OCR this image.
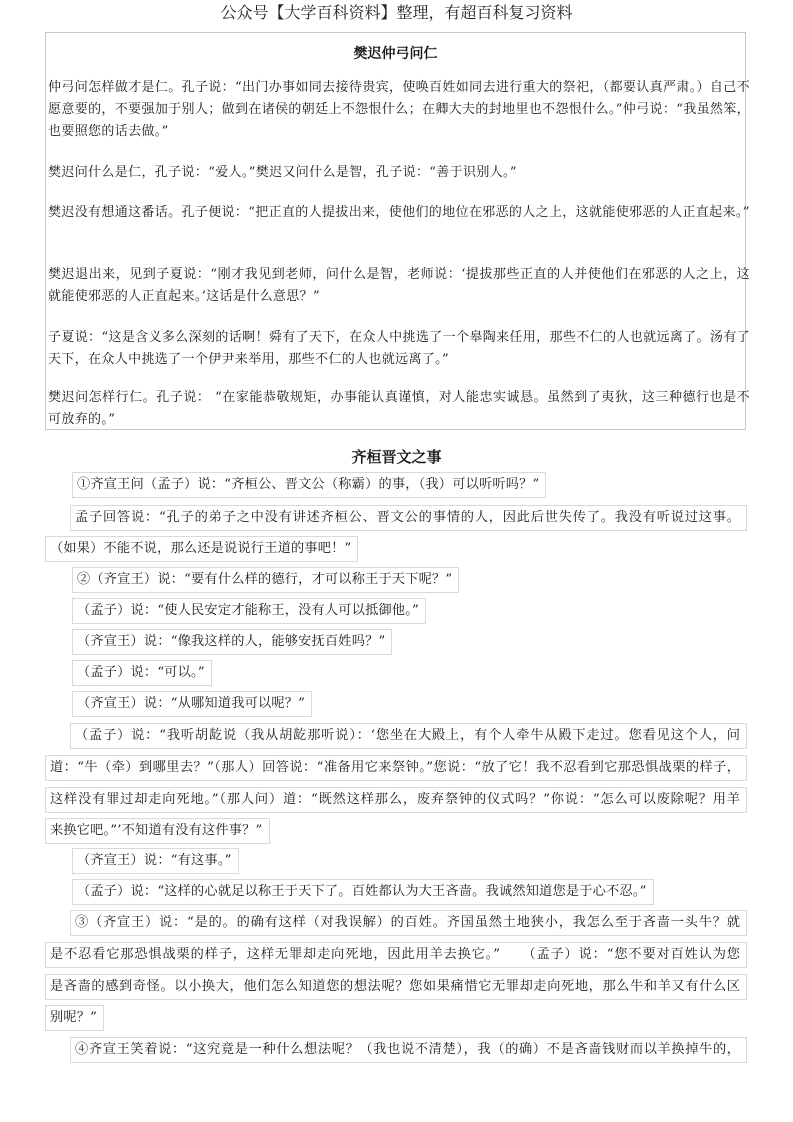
公众号【大学百科资料】整理，有超百科复习资料
樊迟仲弓问仁

仲弓问怎样做才是仁。孔子说：“出门办事如同去接待贵宾，使唤百姓如同去进行重大的祭祀，（都要认真严肃。）自己不愿意要的，不要强加于别人；做到在诸侯的朝廷上不怨恨什么；在卿大夫的封地里也不怨恨什么。”仲弓说：“我虽然笨，也要照您的话去做。”

樊迟问什么是仁，孔子说：“爱人。”樊迟又问什么是智，孔子说：“善于识别人。”

樊迟没有想通这番话。孔子便说：“把正直的人提拔出来，使他们的地位在邪恶的人之上，这就能使邪恶的人正直起来。”

樊迟退出来，见到子夏说：“刚才我见到老师，问什么是智，老师说：‘提拔那些正直的人并使他们在邪恶的人之上，这就能使邪恶的人正直起来。’这话是什么意思？”

子夏说：“这是含义多么深刻的话啊！舜有了天下，在众人中挑选了一个皋陶来任用，那些不仁的人也就远离了。汤有了天下，在众人中挑选了一个伊尹来举用，那些不仁的人也就远离了。”

樊迟问怎样行仁。孔子说： “在家能恭敬规矩，办事能认真谨慎，对人能忠实诚恳。虽然到了夷狄，这三种德行也是不可放弃的。”

齐桓晋文之事

①齐宣王问（孟子）说：“齐桓公、晋文公（称霸）的事，（我）可以听听吗？”

孟子回答说：“孔子的弟子之中没有讲述齐桓公、晋文公的事情的人，因此后世失传了。我没有听说过这事。

（如果）不能不说，那么还是说说行王道的事吧！”

②（齐宣王）说：“要有什么样的德行，才可以称王于天下呢？”

（孟子）说：“使人民安定才能称王，没有人可以抵御他。”

（齐宣王）说：“像我这样的人，能够安抚百姓吗？”

（孟子）说：“可以。”

（齐宣王）说：“从哪知道我可以呢？”

（孟子）说：“我听胡龁说（我从胡龁那听说）：‘您坐在大殿上，有个人牵牛从殿下走过。您看见这个人，问

道：“牛（牵）到哪里去？”（那人）回答说：“准备用它来祭钟。”您说：“放了它！我不忍看到它那恐惧战栗的样子，

这样没有罪过却走向死地。”（那人问）道：“既然这样那么，废弃祭钟的仪式吗？”你说：“怎么可以废除呢？用羊

来换它吧。”’不知道有没有这件事？”

（齐宣王）说：“有这事。”

（孟子）说：“这样的心就足以称王于天下了。百姓都认为大王吝啬。我诚然知道您是于心不忍。”

③（齐宣王）说：“是的。的确有这样（对我误解）的百姓。齐国虽然土地狭小，我怎么至于吝啬一头牛？就

是不忍看它那恐惧战栗的样子，这样无罪却走向死地，因此用羊去换它。”　　（孟子）说：“您不要对百姓认为您

是吝啬的感到奇怪。以小换大，他们怎么知道您的想法呢？您如果痛惜它无罪却走向死地，那么牛和羊又有什么区

别呢？”

④齐宣王笑着说：“这究竟是一种什么想法呢？（我也说不清楚），我（的确）不是吝啬钱财而以羊换掉牛的，
